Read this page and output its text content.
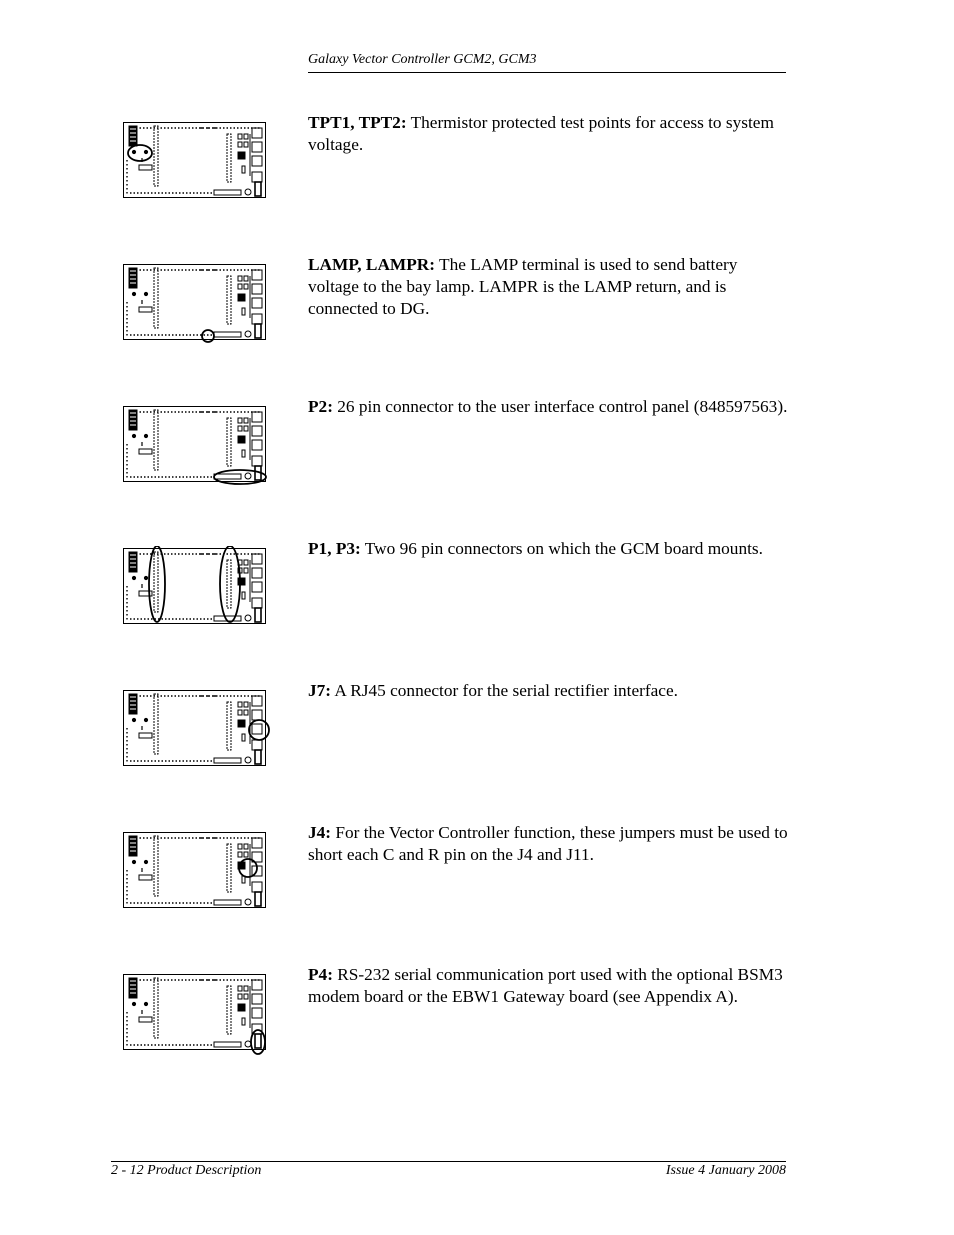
Galaxy Vector Controller GCM2, GCM3
TPT1, TPT2: Thermistor protected test points for access to system voltage.
LAMP, LAMPR: The LAMP terminal is used to send battery voltage to the bay lamp. LAMPR is the LAMP return, and is connected to DG.
P2: 26 pin connector to the user interface control panel (848597563).
P1, P3: Two 96 pin connectors on which the GCM board mounts.
J7: A RJ45 connector for the serial rectifier interface.
J4: For the Vector Controller function, these jumpers must be used to short each C and R pin on the J4 and J11.
P4: RS-232 serial communication port used with the optional BSM3 modem board or the EBW1 Gateway board (see Appendix A).
2 - 12 Product Description	Issue 4 January 2008
